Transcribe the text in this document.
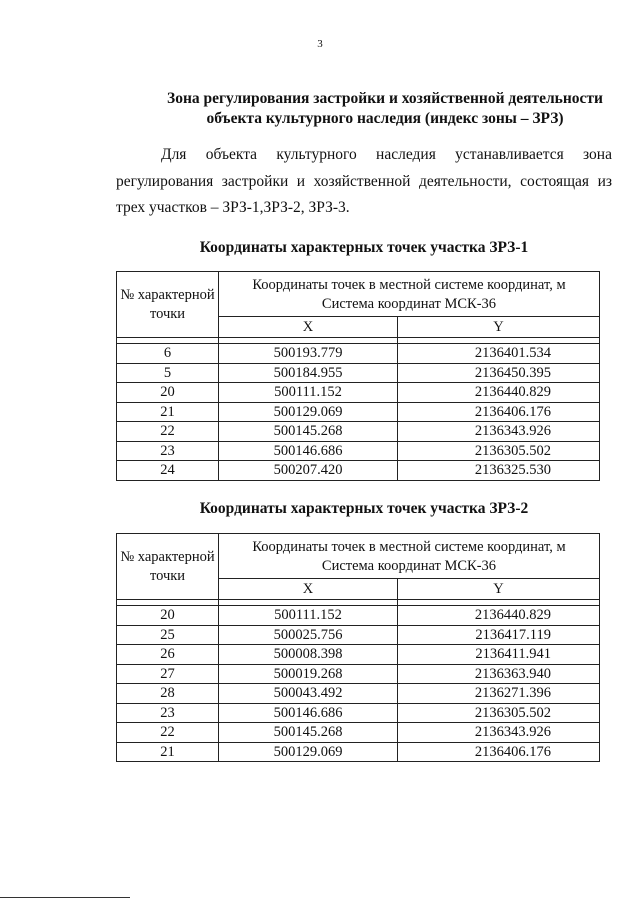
3
Зона регулирования застройки и хозяйственной деятельности
объекта культурного наследия (индекс зоны – ЗРЗ)
Для объекта культурного наследия устанавливается зона регулирования застройки и хозяйственной деятельности, состоящая из трех участков – ЗРЗ-1,ЗРЗ-2, ЗРЗ-3.
Координаты характерных точек участка ЗРЗ-1
№ характерной точки	Координаты точек в местной системе координат, м
Система координат МСК-36	

	X	Y

6	500193.779	2136401.534
5	500184.955	2136450.395
20	500111.152	2136440.829
21	500129.069	2136406.176
22	500145.268	2136343.926
23	500146.686	2136305.502
24	500207.420	2136325.530
Координаты характерных точек участка ЗРЗ-2
№ характерной точки	Координаты точек в местной системе координат, м
Система координат МСК-36	

	X	Y

20	500111.152	2136440.829
25	500025.756	2136417.119
26	500008.398	2136411.941
27	500019.268	2136363.940
28	500043.492	2136271.396
23	500146.686	2136305.502
22	500145.268	2136343.926
21	500129.069	2136406.176
